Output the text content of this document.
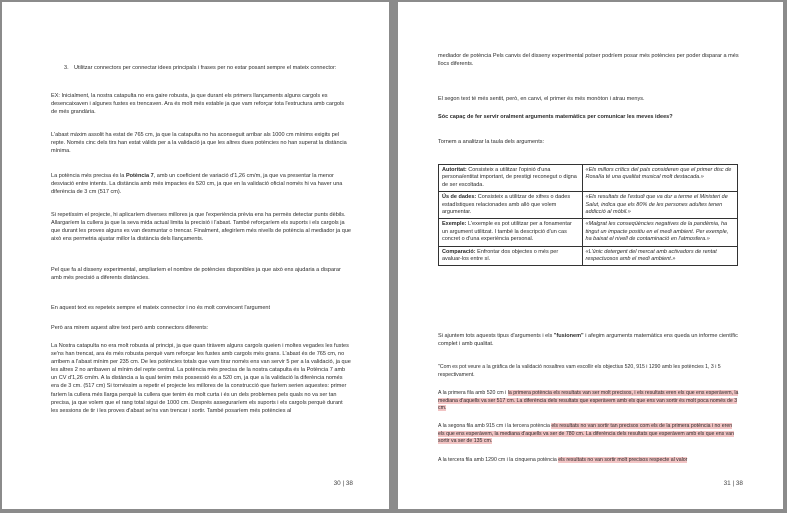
3. Utilitzar connectors per connectar idees principals i frases per no estar posant sempre el mateix connector:

EX: Inicialment, la nostra catapulta no era gaire robusta, ja que durant els primers llançaments alguns cargols es desencaixaven i algunes fustes es trencaven. Ara és molt més estable ja que vam reforçar tota l'estructura amb cargols de més grandària.

L'abast màxim assolit ha estat de 765 cm, ja que la catapulta no ha aconseguit arribar als 1000 cm mínims exigits pel repte. Només cinc dels tirs han estat vàlids per a la validació ja que les altres dues potències no han superat la distància mínima.

La potència més precisa és la Potència 7, amb un coeficient de variació d'1,26 cm/m, ja que va presentar la menor desviació entre intents. La distància amb més impactes és 520 cm, ja que en la validació oficial només hi va haver una diferència de 3 cm (517 cm).

Si repetíssim el projecte, hi aplicaríem diverses millores ja que l'experiència prèvia ens ha permès detectar punts dèbils. Allargaríem la cullera ja que la seva mida actual limita la precisió i l'abast. També reforçaríem els suports i els cargols ja que durant les proves alguns es van desmuntar o trencar. Finalment, afegiríem més nivells de potència al mediador ja que això ens permetria ajustar millor la distància dels llançaments.
Pel que fa al disseny experimental, ampliaríem el nombre de potències disponibles ja que això ens ajudaria a disparar amb més precisió a diferents distàncies.
En aquest text es repeteix sempre el mateix connector i no és molt convincent l'argument
Però ara mirem aquest altre text però amb connectors diferents:
La Nostra catapulta no era molt robusta al principi, ja que quan tiràvem alguns cargols queien i moltes vegades les fustes se'ns han trencat, ara és més robusta perquè vam reforçar les fustes amb cargols més grans. L'abast és de 765 cm, no arribem a l'abast mínim per 235 cm. De les potències totals que vam tirar només ens van servir 5 per a la validació, ja que les altres 2 no arribaven al mínim del repte central. La potència més precisa de la nostra catapulta és la Potència 7 amb un CV d'1,26 cm/m. A la distància a la qual tenim més possessió és a 520 cm, ja que a la validació la diferència només era de 3 cm. (517 cm) Si tornéssim a repetir el projecte les millores de la construcció que faríem serien aquestes: primer faríem la cullera més llarga perquè la cullera que tenim és molt curta i és un dels problemes pels quals no va ser tan precisa, ja que volem que el rang total sigui de 1000 cm. Després asseguraríem els suports i els cargols perquè durant les sessions de tir i les proves d'abast se'ns van trencar i sortir. També posaríem més potències al
30 | 38
mediador de potència Pels canvis del disseny experimental potser podríem posar més potències per poder disparar a més llocs diferents.
El segon text té més sentit, però, en canvi, el primer és més monòton i atrau menys.

Sóc capaç de fer servir oralment arguments matemàtics per comunicar les meves idees?

Tornem a analitzar la taula dels arguments:
Autoritat: Consisteix a utilitzar l'opinió d'una persona/entitat important, de prestigi reconegut o digna de ser escoltada.	«Els millors crítics del país consideren que el primer disc de Rosalía té una qualitat musical molt destacada.»
Ús de dades: Consisteix a utilitzar de xifres o dades estadístiques relacionades amb allò que volem argumentar.	«Els resultats de l'estudi que va dur a terme el Ministeri de Salut, indica que els 80% de les persones adultes tenen addicció al mòbil.»
Exemple: L'exemple es pot utilitzar per a fonamentar un argument utilitzat. I també la descripció d'un cas concret o d'una experiència personal.	«Malgrat les conseqüències negatives de la pandèmia, ha tingut un impacte positiu en el medi ambient. Per exemple, ha baixat el nivell de contaminació en l'atmosfera.»
Comparació: Enfrontar dos objectes o més per avaluar-los entre sí.	«L'únic detergent del mercat amb activadors de rentat respectuosos amb el medi ambient.»

Si ajuntem tots aquests tipus d'arguments i els "fusionem" i afegim arguments matemàtics ens queda un informe científic complet i amb qualitat.

"Com es pot veure a la gràfica de la validació nosaltres vam escollir els objectius 520, 915 i 1290 amb les potències 1, 3 i 5 respectivament.

A la primera fila amb 520 cm i la primera potència els resultats van ser molt precisos, i els resultats eren els que ens esperàvem, la mediana d'aquells va ser 517 cm. La diferència dels resultats que esperàvem amb els que ens van sortir és molt poca només de 3 cm.

A la segona fila amb 915 cm i la tercera potència els resultats no van sortir tan precisos com els de la primera potència i no eren els que ens esperàvem, la mediana d'aquells va ser de 780 cm. La diferència dels resultats que esperàvem amb els que ens van sortir va ser de 135 cm.

A la tercera fila amb 1290 cm i la cinquena potència els resultats no van sortir molt precisos respecte al valor

31 | 38
